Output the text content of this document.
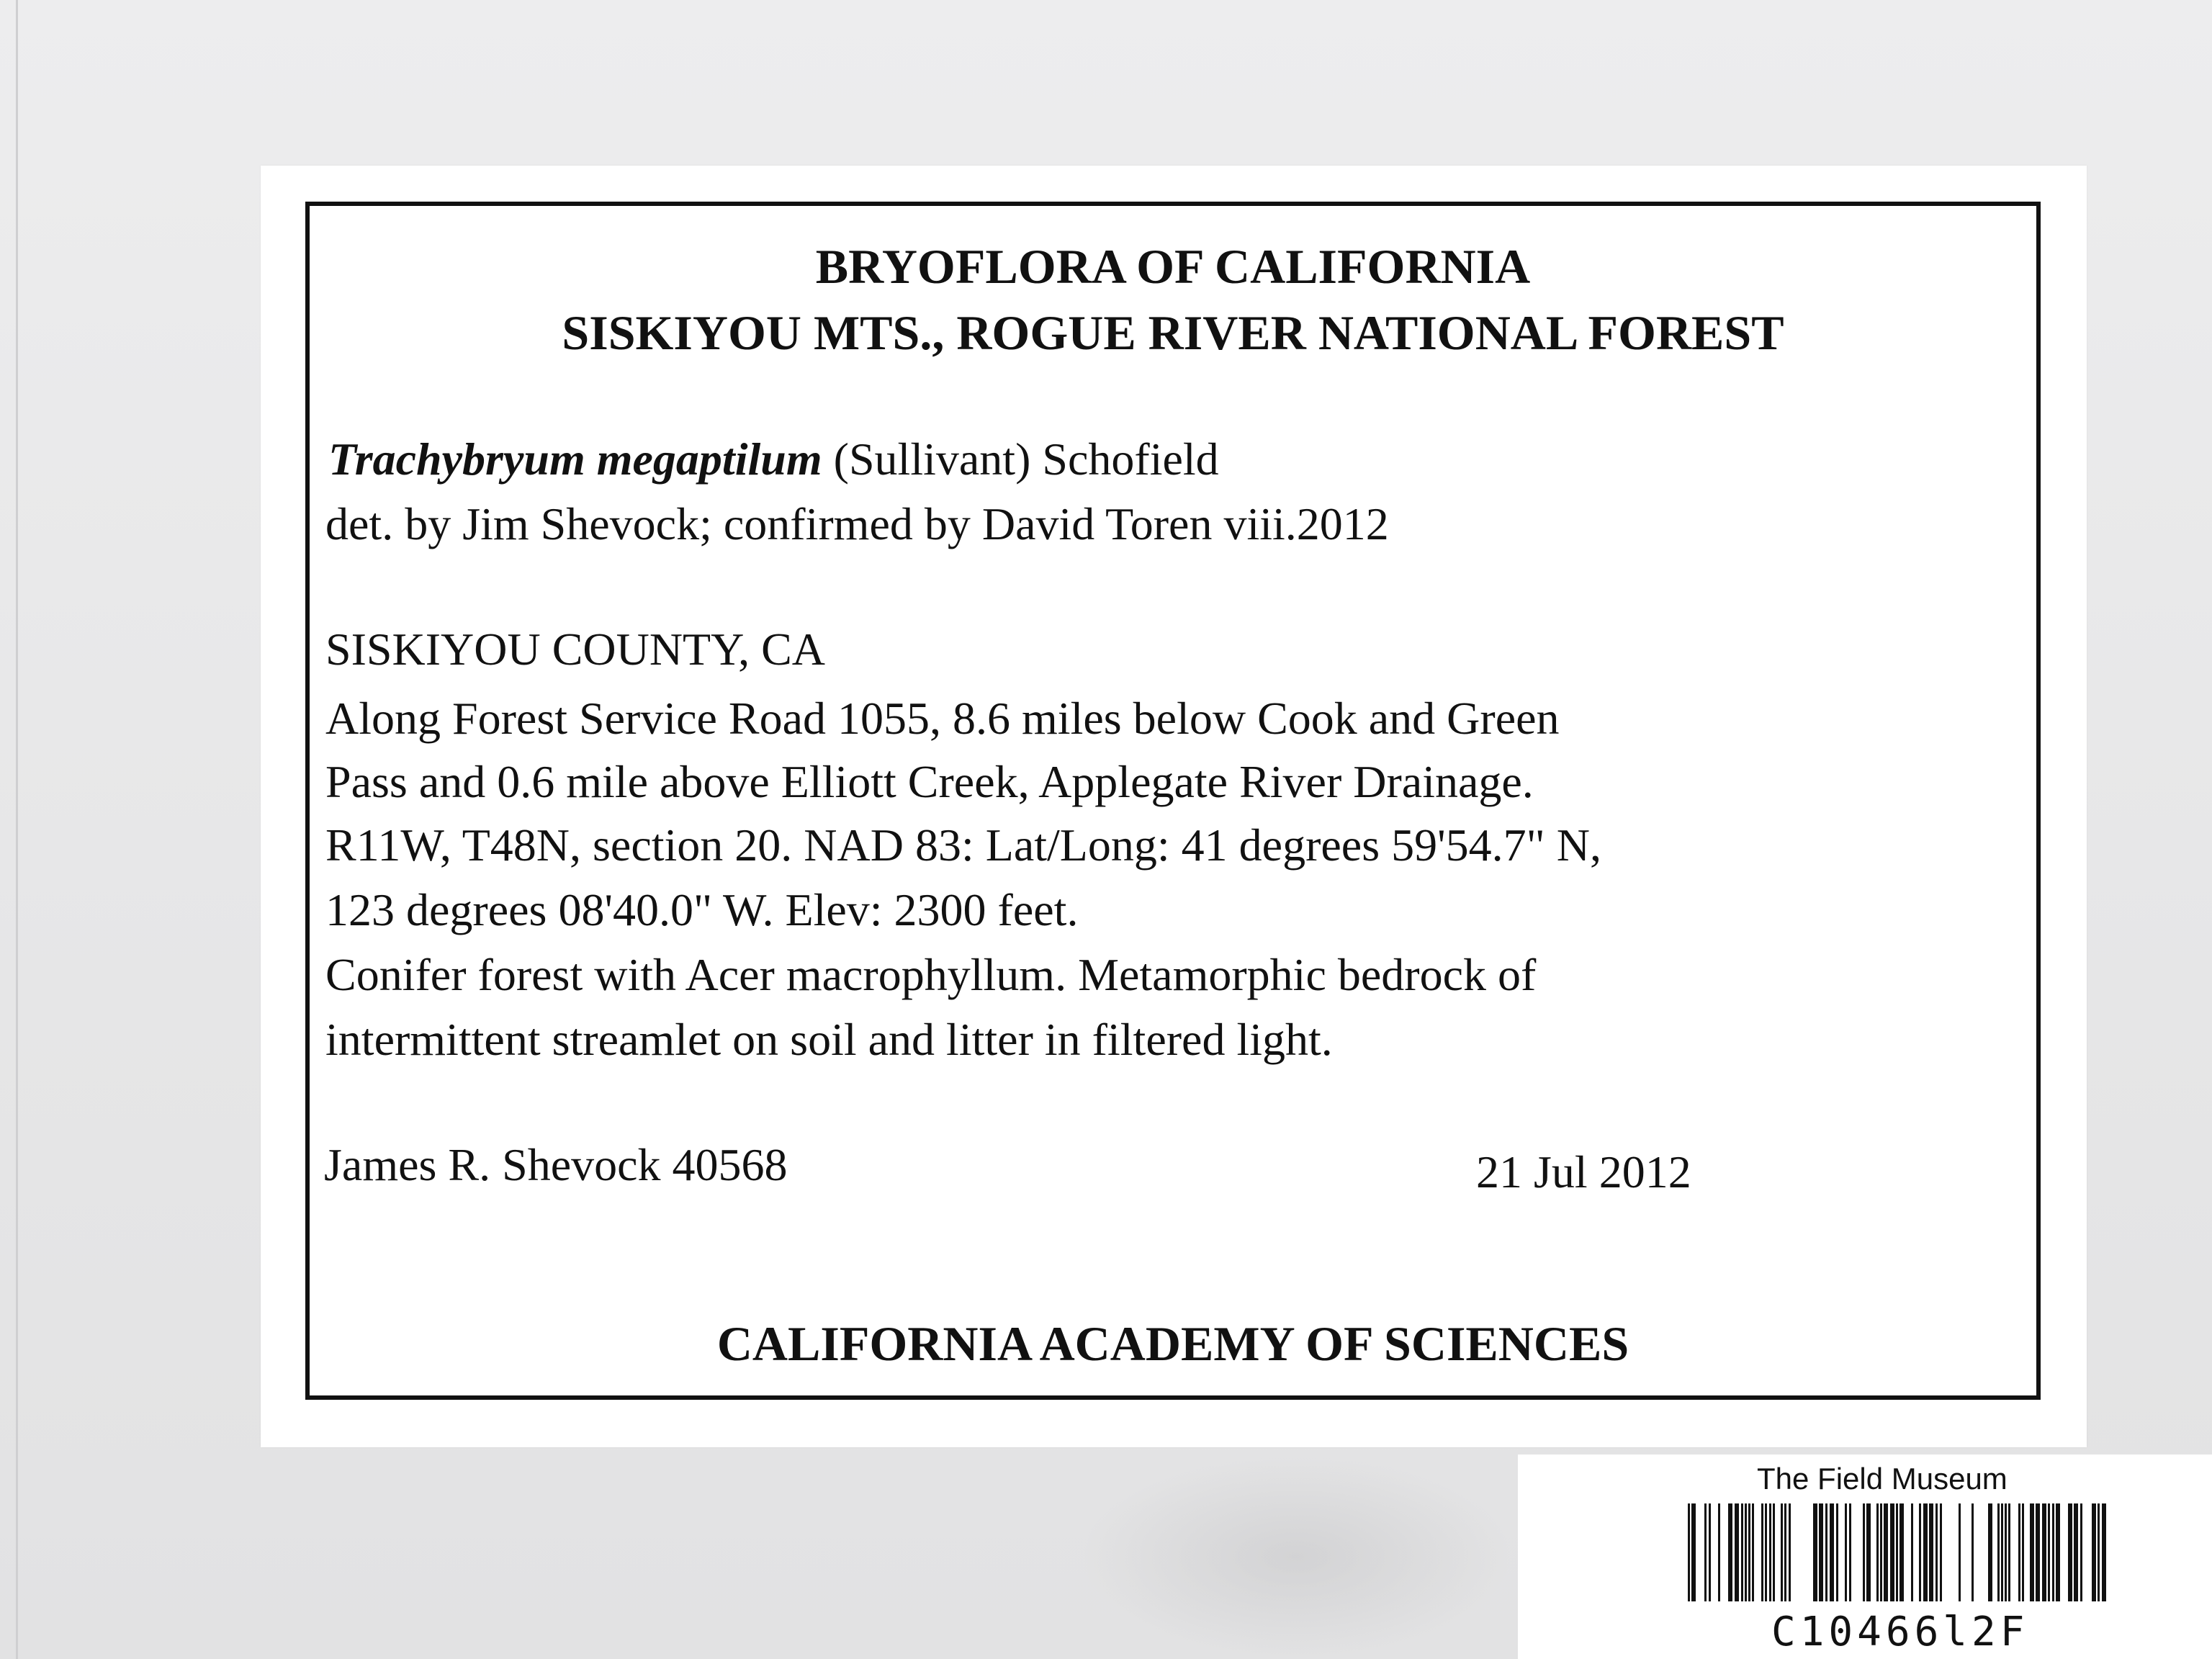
BRYOFLORA OF CALIFORNIA
SISKIYOU MTS., ROGUE RIVER NATIONAL FOREST
Trachybryum megaptilum (Sullivant) Schofield
det. by Jim Shevock; confirmed by David Toren viii.2012
SISKIYOU COUNTY, CA
Along Forest Service Road 1055, 8.6 miles below Cook and Green
Pass and 0.6 mile above Elliott Creek, Applegate River Drainage.
R11W, T48N, section 20. NAD 83: Lat/Long: 41 degrees 59'54.7" N,
123 degrees 08'40.0" W. Elev: 2300 feet.
Conifer forest with Acer macrophyllum. Metamorphic bedrock of
intermittent streamlet on soil and litter in filtered light.
James R. Shevock 40568	21 Jul 2012
CALIFORNIA ACADEMY OF SCIENCES
The Field Museum
C10466l2F
